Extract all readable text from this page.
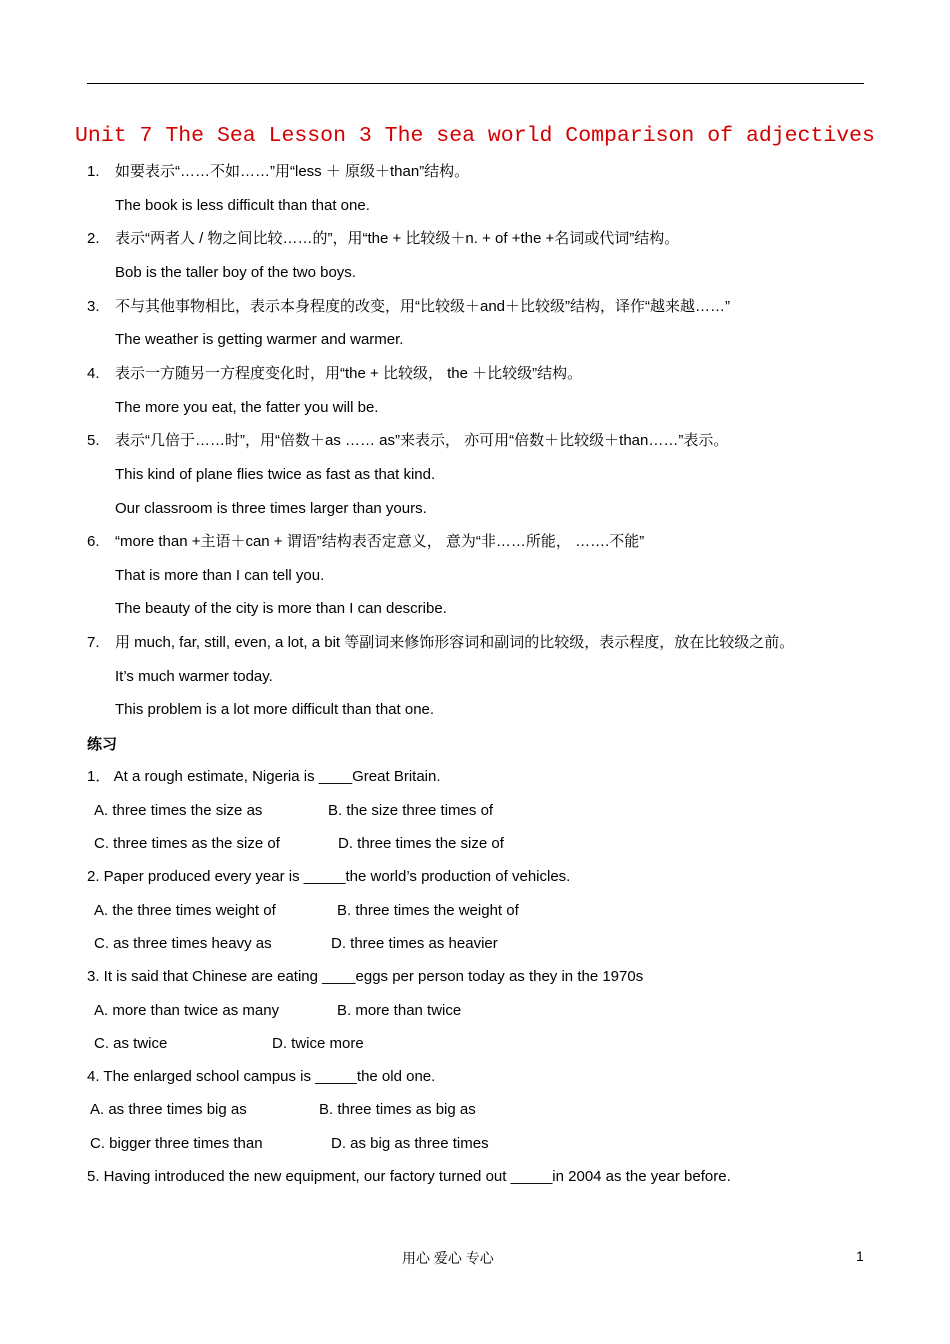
Unit 7 The Sea Lesson 3 The sea world Comparison of adjectives
1. 如要表示“……不如……”用“less ＋ 原级＋than”结构。
The book is less difficult than that one.
2. 表示“两者人 / 物之间比较……的”，用“the + 比较级＋n. + of +the +名词或代词”结构。
Bob is the taller boy of the two boys.
3. 不与其他事物相比，表示本身程度的改变，用“比较级＋and＋比较级”结构，译作“越来越……”
The weather is getting warmer and warmer.
4. 表示一方随另一方程度变化时，用“the + 比较级， the ＋比较级”结构。
The more you eat, the fatter you will be.
5. 表示“几倍于……时”，用“倍数＋as …… as”来表示， 亦可用“倍数＋比较级＋than……”表示。
This kind of plane flies twice as fast as that kind.
Our classroom is three times larger than yours.
6. “more than +主语＋can + 谓语”结构表否定意义， 意为“非……所能， …….不能”
That is more than I can tell you.
The beauty of the city is more than I can describe.
7. 用 much, far, still, even, a lot, a bit 等副词来修饰形容词和副词的比较级，表示程度，放在比较级之前。
It’s much warmer today.
This problem is a lot more difficult than that one.
练习
1． At a rough estimate, Nigeria is ____Great Britain.
A. three times the size as	B. the size three times of
C. three times as the size of	D. three times the size of
2. Paper produced every year is _____the world’s production of vehicles.
A. the three times weight of	B. three times the weight of
C. as three times heavy as	D. three times as heavier
3. It is said that Chinese are eating ____eggs per person today as they in the 1970s
A. more than twice as many	B. more than twice
C. as twice	D. twice more
4. The enlarged school campus is _____the old one.
A. as three times big as	B. three times as big as
C. bigger three times than	D. as big as three times
5. Having introduced the new equipment, our factory turned out _____in 2004 as the year before.
用心 爱心 专心	1
